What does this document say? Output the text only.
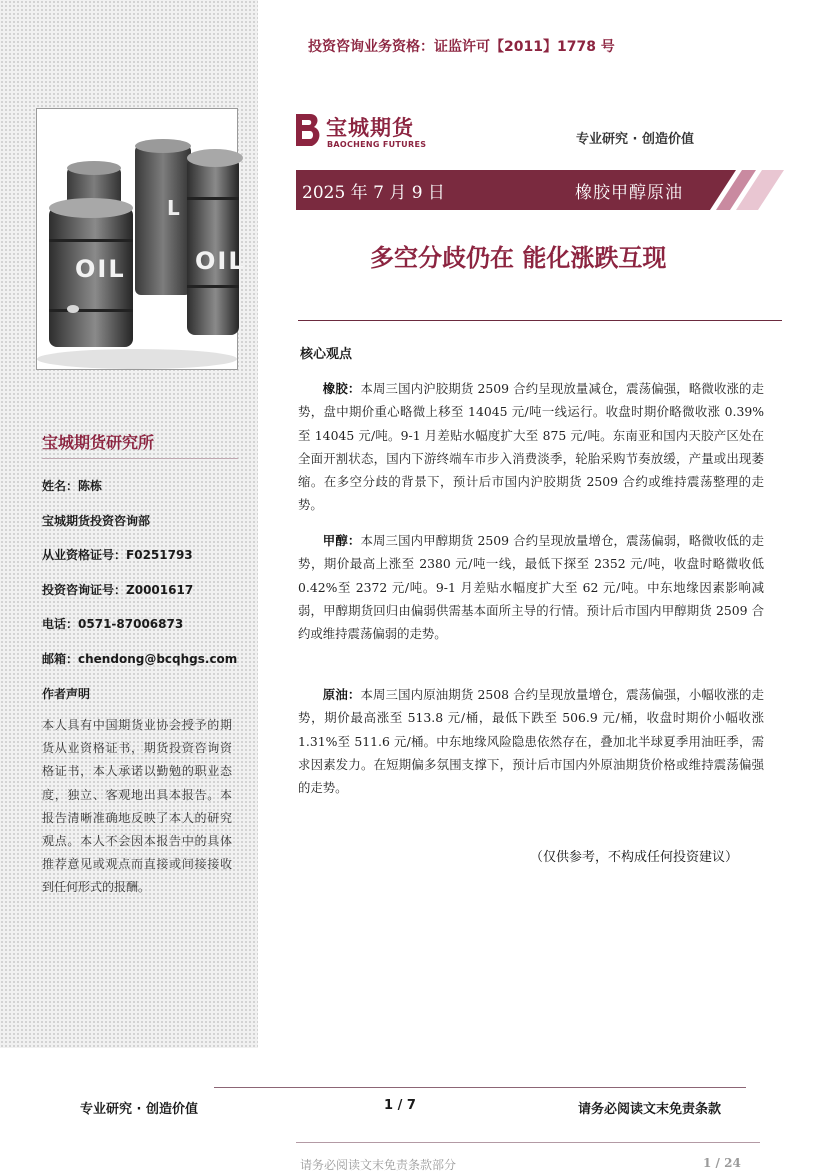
OIL	OIL
L
宝城期货研究所
姓名：陈栋
宝城期货投资咨询部
从业资格证号：F0251793
投资咨询证号：Z0001617
电话：0571-87006873
邮箱：chendong@bcqhgs.com
作者声明
本人具有中国期货业协会授予的期货从业资格证书，期货投资咨询资格证书，本人承诺以勤勉的职业态度，独立、客观地出具本报告。本报告清晰准确地反映了本人的研究观点。本人不会因本报告中的具体推荐意见或观点而直接或间接接收到任何形式的报酬。
投资咨询业务资格：证监许可【2011】1778 号
宝城期货
BAOCHENG FUTURES	专业研究 · 创造价值
2025 年 7 月 9 日	橡胶甲醇原油
多空分歧仍在 能化涨跌互现
核心观点
橡胶：本周三国内沪胶期货 2509 合约呈现放量减仓，震荡偏强，略微收涨的走势，盘中期价重心略微上移至 14045 元/吨一线运行。收盘时期价略微收涨 0.39%至 14045 元/吨。9-1 月差贴水幅度扩大至 875 元/吨。东南亚和国内天胶产区处在全面开割状态，国内下游终端车市步入消费淡季，轮胎采购节奏放缓，产量或出现萎缩。在多空分歧的背景下，预计后市国内沪胶期货 2509 合约或维持震荡整理的走势。
甲醇：本周三国内甲醇期货 2509 合约呈现放量增仓，震荡偏弱，略微收低的走势，期价最高上涨至 2380 元/吨一线，最低下探至 2352 元/吨，收盘时略微收低 0.42%至 2372 元/吨。9-1 月差贴水幅度扩大至 62 元/吨。中东地缘因素影响减弱，甲醇期货回归由偏弱供需基本面所主导的行情。预计后市国内甲醇期货 2509 合约或维持震荡偏弱的走势。
原油：本周三国内原油期货 2508 合约呈现放量增仓，震荡偏强，小幅收涨的走势，期价最高涨至 513.8 元/桶，最低下跌至 506.9 元/桶，收盘时期价小幅收涨 1.31%至 511.6 元/桶。中东地缘风险隐患依然存在，叠加北半球夏季用油旺季，需求因素发力。在短期偏多氛围支撑下，预计后市国内外原油期货价格或维持震荡偏强的走势。
（仅供参考，不构成任何投资建议）
专业研究 · 创造价值	1 / 7	请务必阅读文末免责条款
请务必阅读文末免责条款部分	1 / 24
